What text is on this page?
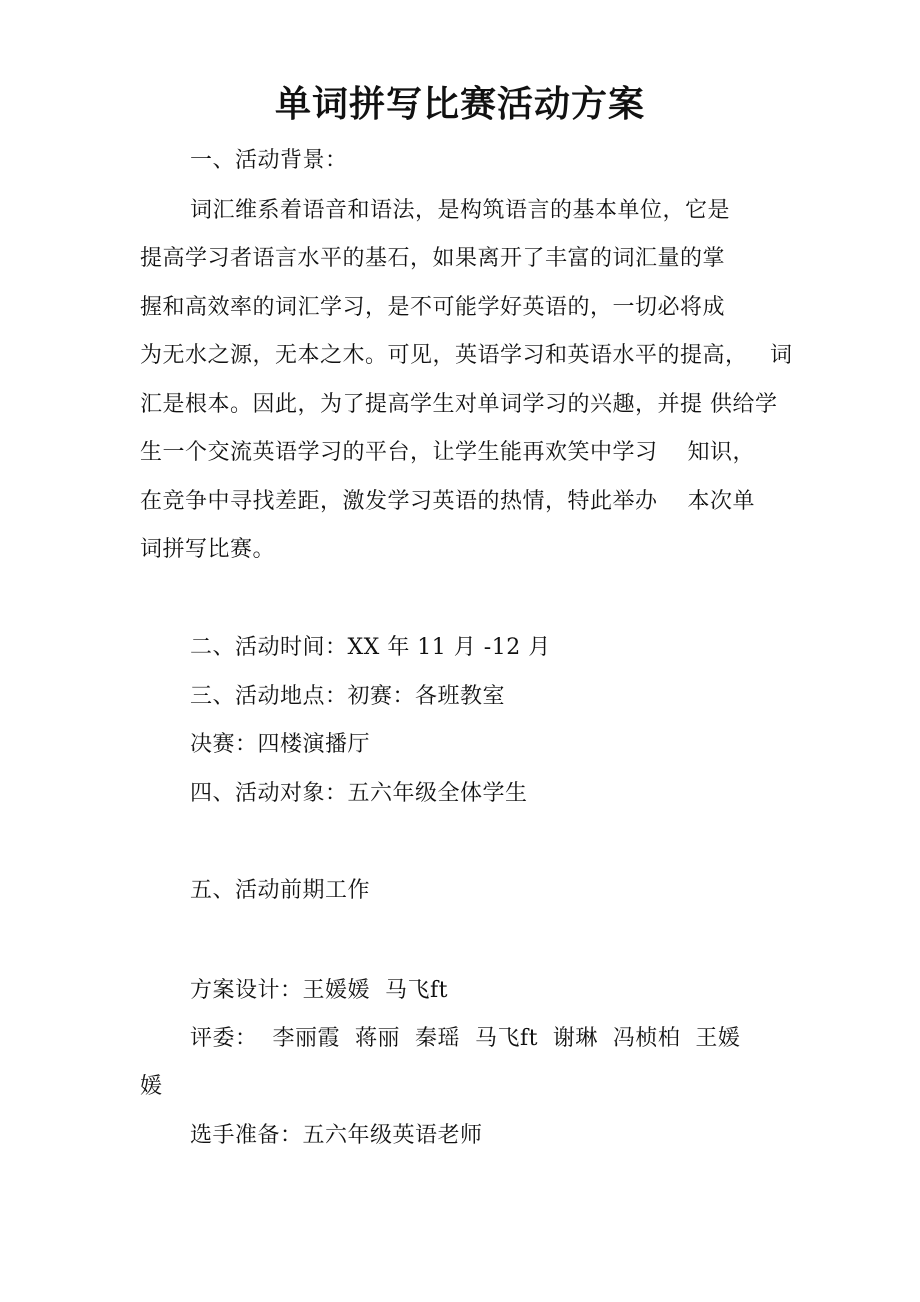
单词拼写比赛活动方案
一、活动背景：
词汇维系着语音和语法，是构筑语言的基本单位，它是
提高学习者语言水平的基石，如果离开了丰富的词汇量的掌
握和高效率的词汇学习，是不可能学好英语的，一切必将成
为无水之源，无本之木。可见，英语学习和英语水平的提高，   词
汇是根本。因此，为了提高学生对单词学习的兴趣，并提 供给学
生一个交流英语学习的平台，让学生能再欢笑中学习    知识，
在竞争中寻找差距，激发学习英语的热情，特此举办    本次单
词拼写比赛。
二、活动时间：XX 年 11 月 -12 月
三、活动地点：初赛：各班教室
决赛：四楼演播厅
四、活动对象：五六年级全体学生
五、活动前期工作
方案设计：王媛媛  马飞ft
评委：  李丽霞  蒋丽  秦瑶  马飞ft  谢琳  冯桢柏  王媛
媛
选手准备：五六年级英语老师
